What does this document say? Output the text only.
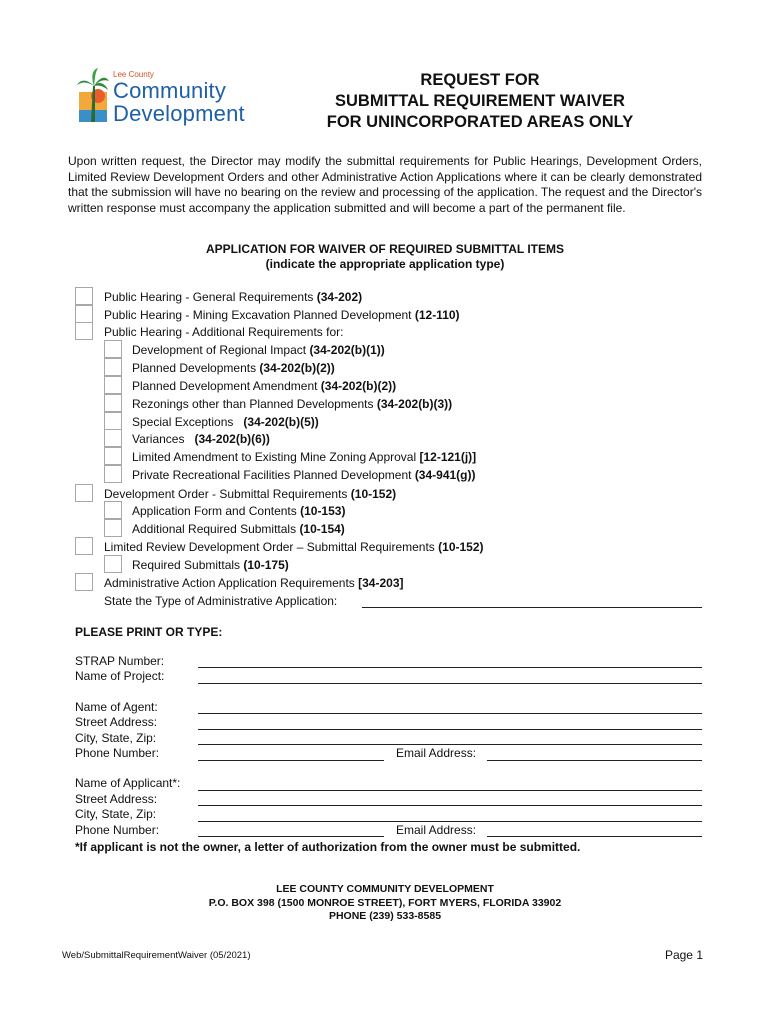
Lee County
Community
Development
REQUEST FOR
SUBMITTAL REQUIREMENT WAIVER
FOR UNINCORPORATED AREAS ONLY
Upon written request, the Director may modify the submittal requirements for Public Hearings, Development Orders, Limited Review Development Orders and other Administrative Action Applications where it can be clearly demonstrated that the submission will have no bearing on the review and processing of the application. The request and the Director's written response must accompany the application submitted and will become a part of the permanent file.
APPLICATION FOR WAIVER OF REQUIRED SUBMITTAL ITEMS
(indicate the appropriate application type)
Public Hearing - General Requirements (34-202)
Public Hearing - Mining Excavation Planned Development (12-110)
Public Hearing - Additional Requirements for:
Development of Regional Impact (34-202(b)(1))
Planned Developments (34-202(b)(2))
Planned Development Amendment (34-202(b)(2))
Rezonings other than Planned Developments (34-202(b)(3))
Special Exceptions   (34-202(b)(5))
Variances   (34-202(b)(6))
Limited Amendment to Existing Mine Zoning Approval [12-121(j)]
Private Recreational Facilities Planned Development (34-941(g))
Development Order - Submittal Requirements (10-152)
Application Form and Contents (10-153)
Additional Required Submittals (10-154)
Limited Review Development Order – Submittal Requirements (10-152)
Required Submittals (10-175)
Administrative Action Application Requirements [34-203]
State the Type of Administrative Application:
PLEASE PRINT OR TYPE:
STRAP Number:
Name of Project:
Name of Agent:
Street Address:
City, State, Zip:
Phone Number:	Email Address:
Name of Applicant*:
Street Address:
City, State, Zip:
Phone Number:	Email Address:
*If applicant is not the owner, a letter of authorization from the owner must be submitted.
LEE COUNTY COMMUNITY DEVELOPMENT
P.O. BOX 398 (1500 MONROE STREET), FORT MYERS, FLORIDA 33902
PHONE (239) 533-8585
Web/SubmittalRequirementWaiver (05/2021)	Page 1
